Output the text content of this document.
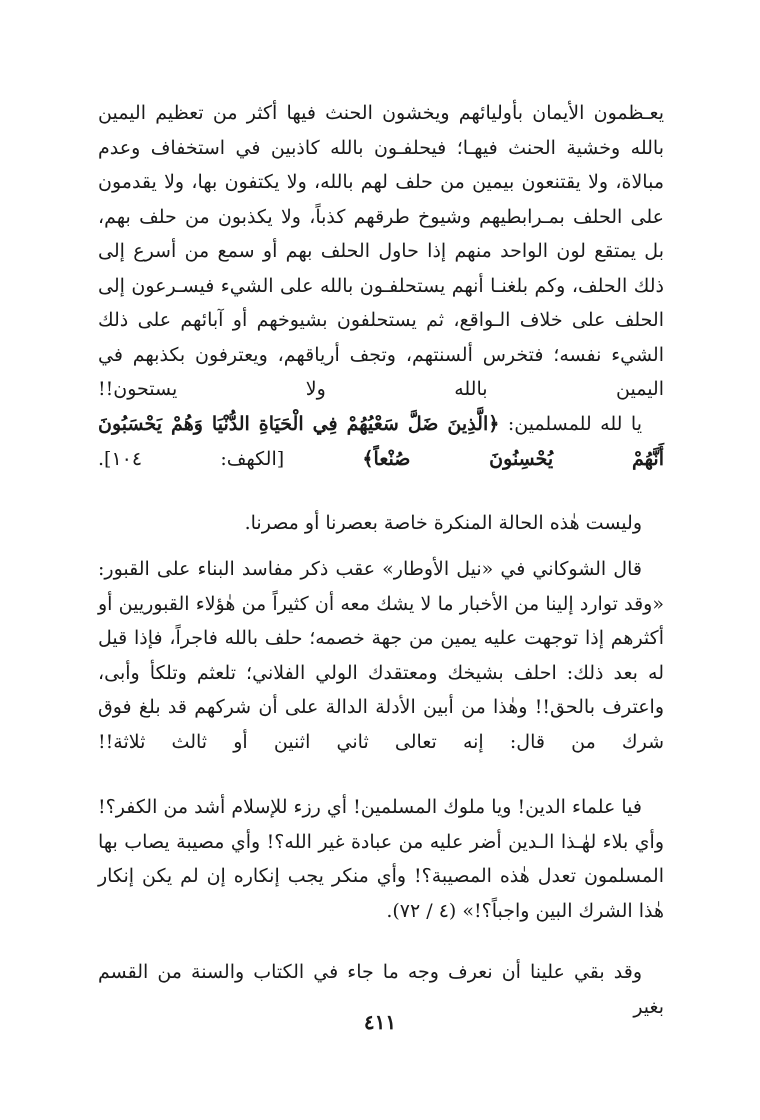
يعـظمون الأيمان بأوليائهم ويخشون الحنث فيها أكثر من تعظيم اليمين بالله وخشية الحنث فيهـا؛ فيحلفـون بالله كاذبين في استخفاف وعدم مبالاة، ولا يقتنعون بيمين من حلف لهم بالله، ولا يكتفون بها، ولا يقدمون على الحلف بمـرابطيهم وشيوخ طرقهم كذباً، ولا يكذبون من حلف بهم، بل يمتقع لون الواحد منهم إذا حاول الحلف بهم أو سمع من أسرع إلى ذلك الحلف، وكم بلغنـا أنهم يستحلفـون بالله على الشيء فيسـرعون إلى الحلف على خلاف الـواقع، ثم يستحلفون بشيوخهم أو آبائهم على ذلك الشيء نفسه؛ فتخرس ألسنتهم، وتجف أرياقهم، ويعترفون بكذبهم في اليمين بالله ولا يستحون!!

يا لله للمسلمين: ﴿الَّذِينَ ضَلَّ سَعْيُهُمْ فِي الْحَيَاةِ الدُّنْيَا وَهُمْ يَحْسَبُونَ أَنَّهُمْ يُحْسِنُونَ صُنْعاً﴾ [الكهف: ١٠٤].

وليست هٰذه الحالة المنكرة خاصة بعصرنا أو مصرنا.

قال الشوكاني في «نيل الأوطار» عقب ذكر مفاسد البناء على القبور: «وقد توارد إلينا من الأخبار ما لا يشك معه أن كثيراً من هٰؤلاء القبوريين أو أكثرهم إذا توجهت عليه يمين من جهة خصمه؛ حلف بالله فاجراً، فإذا قيل له بعد ذلك: احلف بشيخك ومعتقدك الولي الفلاني؛ تلعثم وتلكأ وأبى، واعترف بالحق!! وهٰذا من أبين الأدلة الدالة على أن شركهم قد بلغ فوق شرك من قال: إنه تعالى ثاني اثنين أو ثالث ثلاثة!!

فيا علماء الدين! ويا ملوك المسلمين! أي رزء للإسلام أشد من الكفر؟! وأي بلاء لهٰـذا الـدين أضر عليه من عبادة غير الله؟! وأي مصيبة يصاب بها المسلمون تعدل هٰذه المصيبة؟! وأي منكر يجب إنكاره إن لم يكن إنكار هٰذا الشرك البين واجباً؟!» (٤ / ٧٢).

وقد بقي علينا أن نعرف وجه ما جاء في الكتاب والسنة من القسم بغير

٤١١
